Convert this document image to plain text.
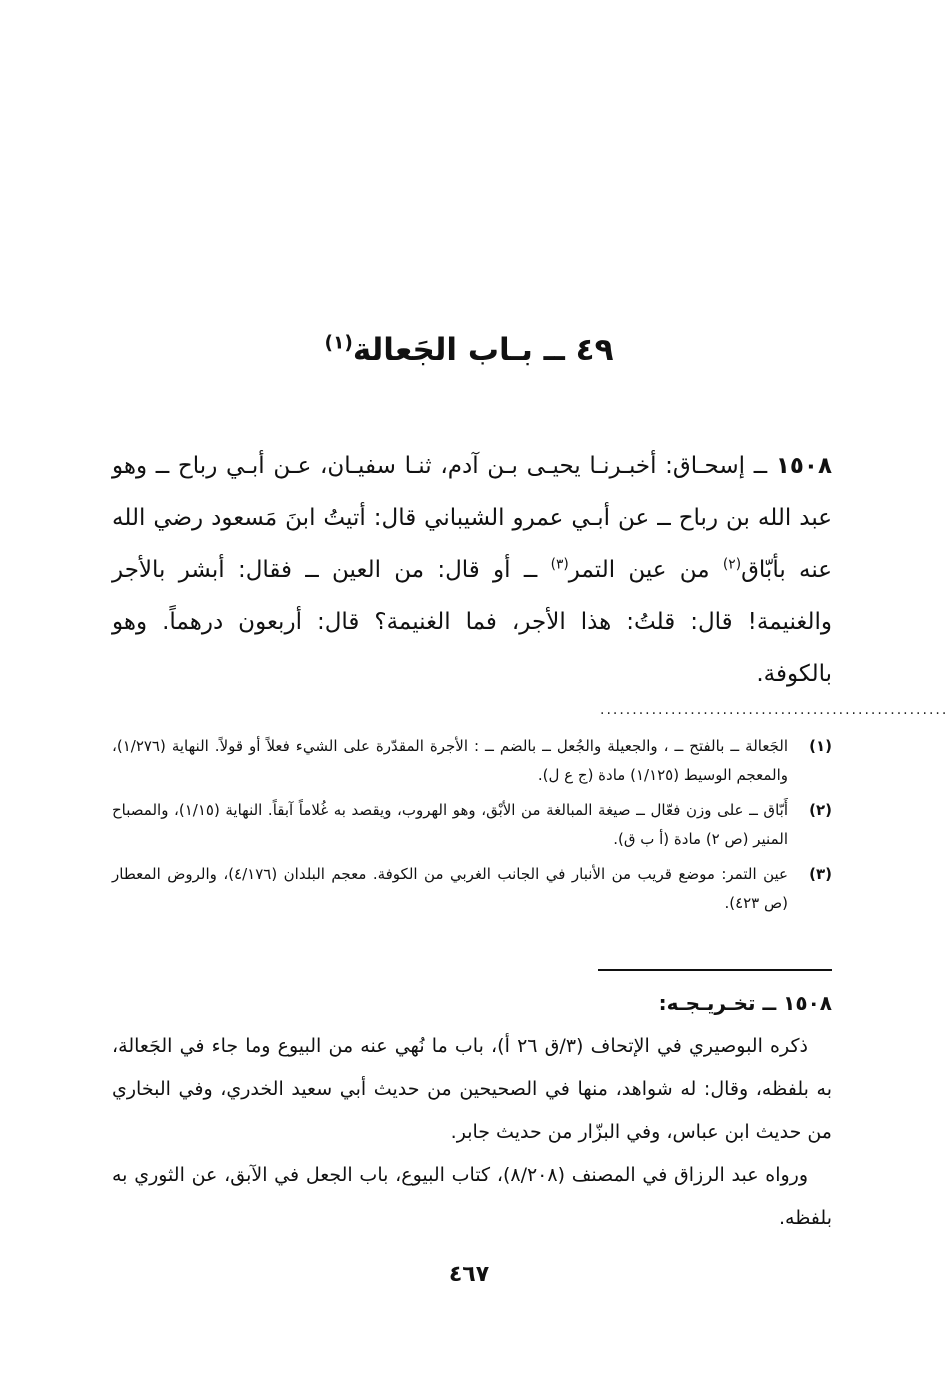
٤٩ ــ بـاب الجَعالة$^{(١)}$
١٥٠٨ ــ إسحـاق: أخبـرنـا يحيـى بـن آدم، ثنـا سفيـان، عـن أبـي رباح ــ وهو عبد الله بن رباح ــ عن أبـي عمرو الشيباني قال: أتيتُ ابنَ مَسعود رضي الله عنه بأبّاق$^{(٢)}$ من عين التمر$^{(٣)}$ ــ أو قال: من العين ــ فقال: أبشر بالأجر والغنيمة! قال: قلتُ: هذا الأجر، فما الغنيمة؟ قال: أربعون درهماً. وهو بالكوفة.
......................................................
(١)
الجَعالة ــ بالفتح ــ ، والجعيلة والجُعل ــ بالضم ــ : الأجرة المقدّرة على الشيء فعلاً أو قولاً. النهاية (١/٢٧٦)، والمعجم الوسيط (١/١٢٥) مادة (ج ع ل).
(٢)
أَبّاق ــ على وزن فعّال ــ صيغة المبالغة من الأبْق، وهو الهروب، ويقصد به غُلاماً آبقاً. النهاية (١/١٥)، والمصباح المنير (ص ٢) مادة (أ ب ق).
(٣)
عين التمر: موضع قريب من الأنبار في الجانب الغربي من الكوفة. معجم البلدان (٤/١٧٦)، والروض المعطار (ص ٤٢٣).
١٥٠٨ ــ تخـريـجـه:

ذكره البوصيري في الإتحاف (٣/ق ٢٦ أ)، باب ما نُهي عنه من البيوع وما جاء في الجَعالة، به بلفظه، وقال: له شواهد، منها في الصحيحين من حديث أبي سعيد الخدري، وفي البخاري من حديث ابن عباس، وفي البزّار من حديث جابر.

ورواه عبد الرزاق في المصنف (٨/٢٠٨)، كتاب البيوع، باب الجعل في الآبق، عن الثوري به بلفظه.

٤٦٧
